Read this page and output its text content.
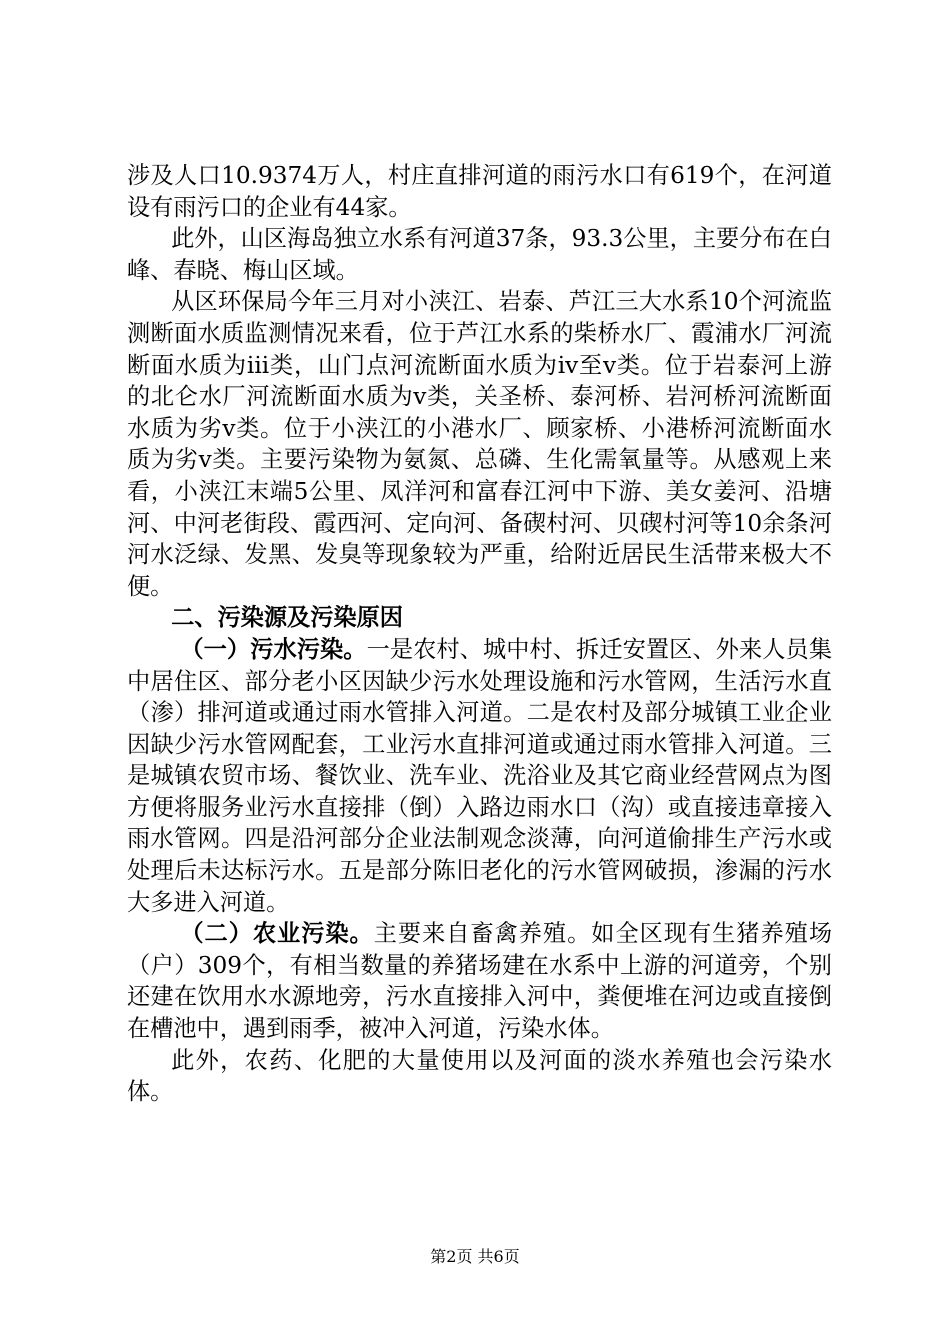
涉及人口10.9374万人，村庄直排河道的雨污水口有619个，在河道设有雨污口的企业有44家。

此外，山区海岛独立水系有河道37条，93.3公里，主要分布在白峰、春晓、梅山区域。

从区环保局今年三月对小浃江、岩泰、芦江三大水系10个河流监测断面水质监测情况来看，位于芦江水系的柴桥水厂、霞浦水厂河流断面水质为iii类，山门点河流断面水质为iv至v类。位于岩泰河上游的北仑水厂河流断面水质为v类，关圣桥、泰河桥、岩河桥河流断面水质为劣v类。位于小浃江的小港水厂、顾家桥、小港桥河流断面水质为劣v类。主要污染物为氨氮、总磷、生化需氧量等。从感观上来看，小浃江末端5公里、凤洋河和富春江河中下游、美女姜河、沿塘河、中河老街段、霞西河、定向河、备碶村河、贝碶村河等10余条河河水泛绿、发黑、发臭等现象较为严重，给附近居民生活带来极大不便。

二、污染源及污染原因

（一）污水污染。一是农村、城中村、拆迁安置区、外来人员集中居住区、部分老小区因缺少污水处理设施和污水管网，生活污水直（渗）排河道或通过雨水管排入河道。二是农村及部分城镇工业企业因缺少污水管网配套，工业污水直排河道或通过雨水管排入河道。三是城镇农贸市场、餐饮业、洗车业、洗浴业及其它商业经营网点为图方便将服务业污水直接排（倒）入路边雨水口（沟）或直接违章接入雨水管网。四是沿河部分企业法制观念淡薄，向河道偷排生产污水或处理后未达标污水。五是部分陈旧老化的污水管网破损，渗漏的污水大多进入河道。

（二）农业污染。主要来自畜禽养殖。如全区现有生猪养殖场（户）309个，有相当数量的养猪场建在水系中上游的河道旁，个别还建在饮用水水源地旁，污水直接排入河中，粪便堆在河边或直接倒在槽池中，遇到雨季，被冲入河道，污染水体。

此外，农药、化肥的大量使用以及河面的淡水养殖也会污染水体。

第2页 共6页
